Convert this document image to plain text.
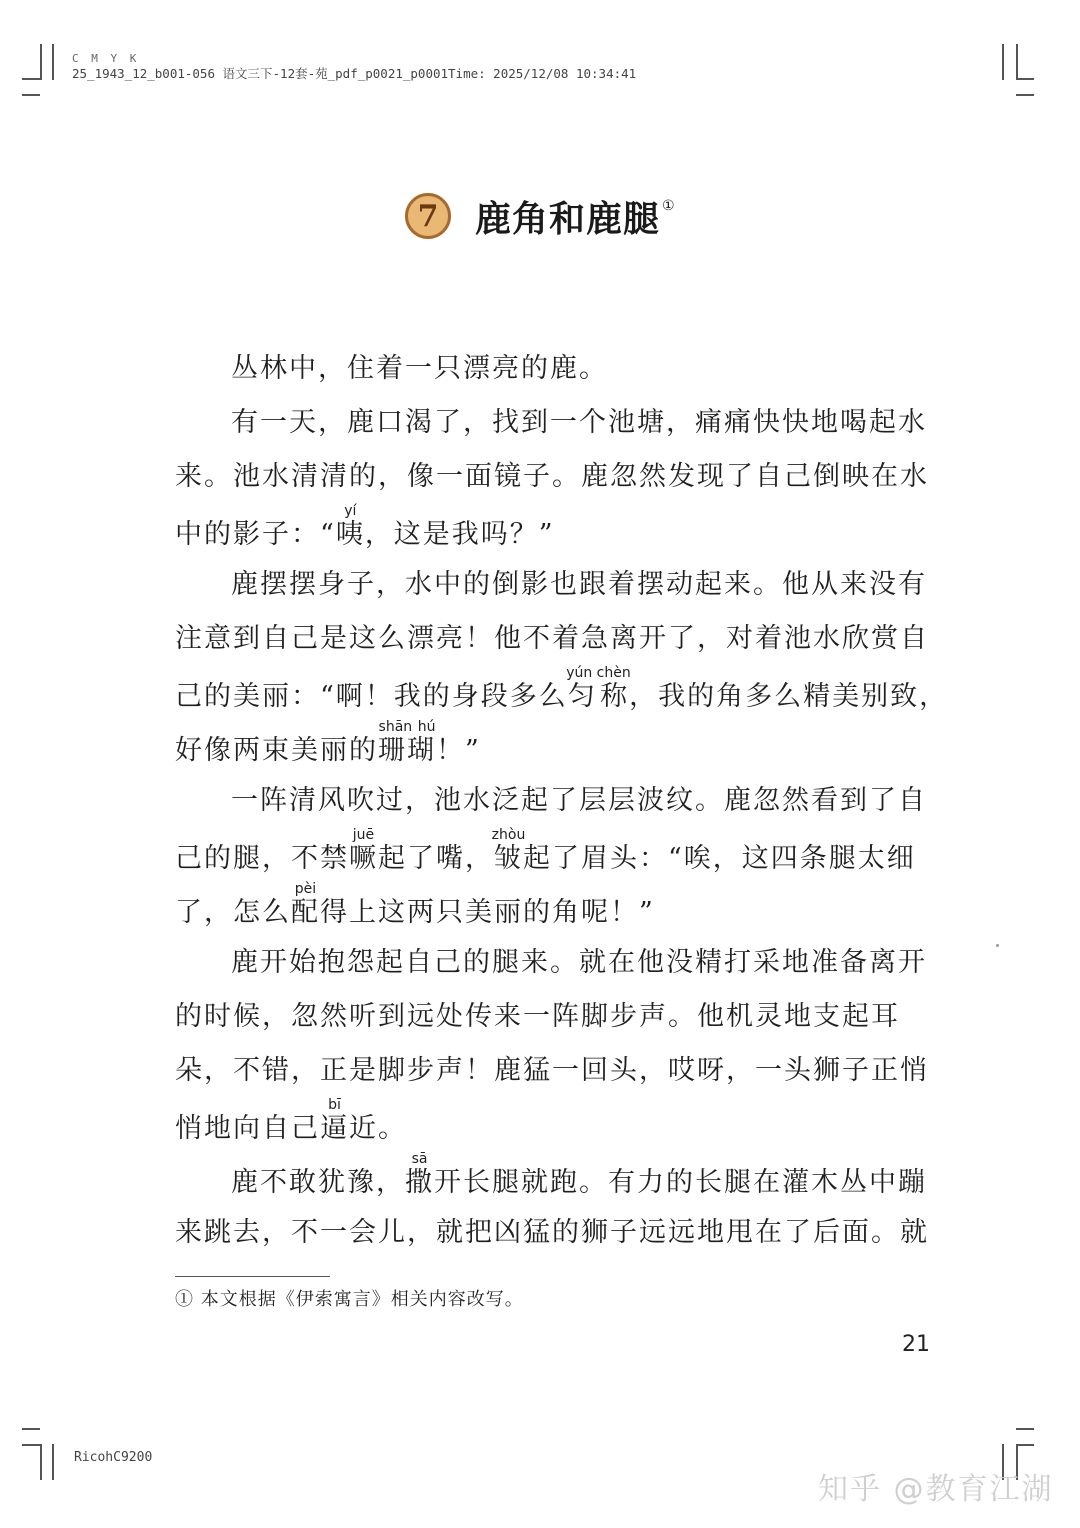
C M Y K
25_1943_12_b001-056 语文三下-12套-苑_pdf_p0021_p0001Time: 2025/12/08 10:34:41
7	鹿角和鹿腿 ①

丛林中，住着一只漂亮的鹿。

有一天，鹿口渴了，找到一个池塘，痛痛快快地喝起水
来。池水清清的，像一面镜子。鹿忽然发现了自己倒映在水
中的影子：“咦yí，这是我吗？”

鹿摆摆身子，水中的倒影也跟着摆动起来。他从来没有
注意到自己是这么漂亮！他不着急离开了，对着池水欣赏自
己的美丽：“啊！我的身段多么匀称yún chèn，我的角多么精美别致，
好像两束美丽的珊瑚shān hú！”

一阵清风吹过，池水泛起了层层波纹。鹿忽然看到了自
己的腿，不禁噘juē起了嘴，皱zhòu起了眉头：“唉，这四条腿太细
了，怎么配pèi得上这两只美丽的角呢！”

鹿开始抱怨起自己的腿来。就在他没精打采地准备离开
的时候，忽然听到远处传来一阵脚步声。他机灵地支起耳
朵，不错，正是脚步声！鹿猛一回头，哎呀，一头狮子正悄
悄地向自己逼bī近。

鹿不敢犹豫，撒sā开长腿就跑。有力的长腿在灌木丛中蹦
来跳去，不一会儿，就把凶猛的狮子远远地甩在了后面。就

① 本文根据《伊索寓言》相关内容改写。
21
RicohC9200
知乎 @教育江湖
